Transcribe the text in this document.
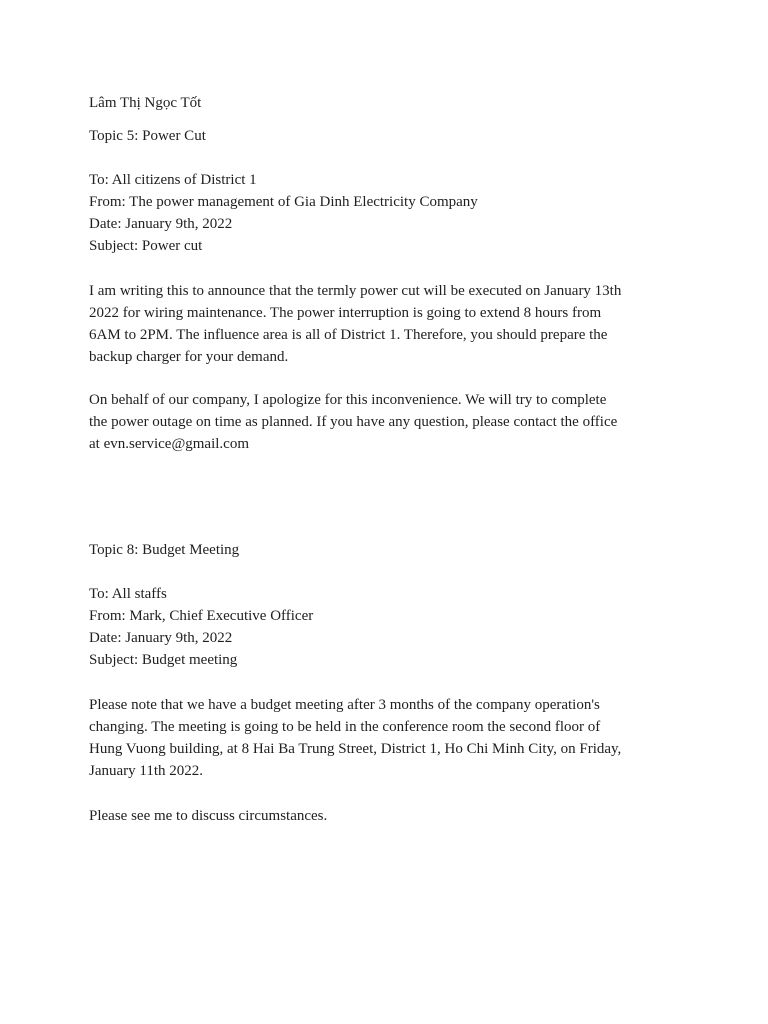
Lâm Thị Ngọc Tốt
Topic 5: Power Cut
To: All citizens of District 1
From: The power management of Gia Dinh Electricity Company
Date: January 9th, 2022
Subject: Power cut
I am writing this to announce that the termly power cut will be executed on January 13th
2022 for wiring maintenance. The power interruption is going to extend 8 hours from
6AM to 2PM. The influence area is all of District 1. Therefore, you should prepare the
backup charger for your demand.
On behalf of our company, I apologize for this inconvenience. We will try to complete
the power outage on time as planned. If you have any question, please contact the office
at evn.service@gmail.com
Topic 8: Budget Meeting
To: All staffs
From: Mark, Chief Executive Officer
Date: January 9th, 2022
Subject: Budget meeting
Please note that we have a budget meeting after 3 months of the company operation's
changing. The meeting is going to be held in the conference room the second floor of
Hung Vuong building, at 8 Hai Ba Trung Street, District 1, Ho Chi Minh City, on Friday,
January 11th 2022.
Please see me to discuss circumstances.
